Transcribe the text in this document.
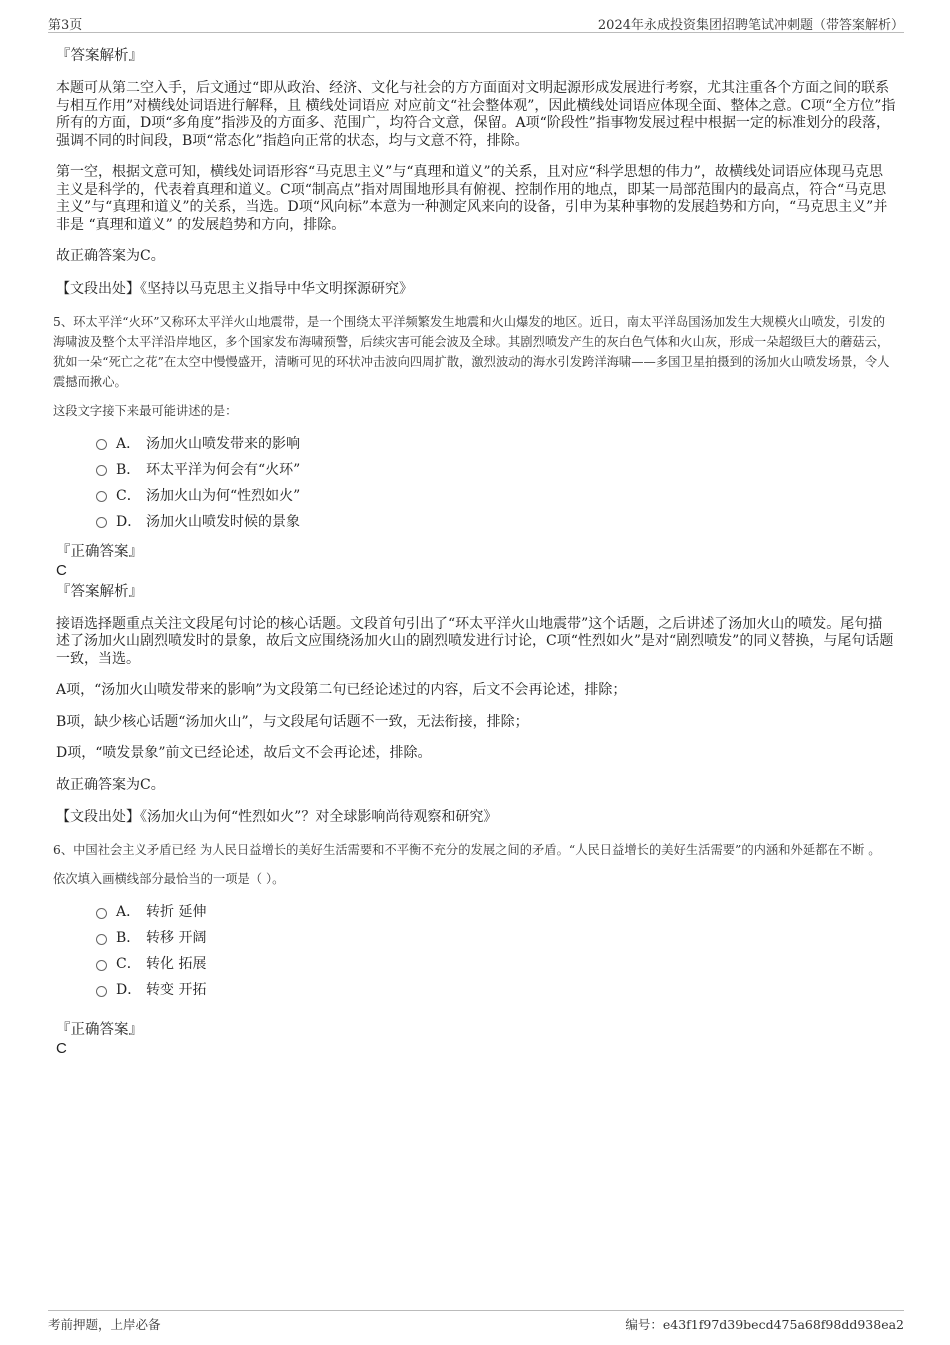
第3页	2024年永成投资集团招聘笔试冲刺题（带答案解析）

『答案解析』

本题可从第二空入手，后文通过“即从政治、经济、文化与社会的方方面面对文明起源形成发展进行考察，尤其注重各个方面之间的联系与相互作用”对横线处词语进行解释，且 横线处词语应 对应前文“社会整体观”，因此横线处词语应体现全面、整体之意。C项“全方位”指所有的方面，D项“多角度”指涉及的方面多、范围广，均符合文意，保留。A项“阶段性”指事物发展过程中根据一定的标准划分的段落，强调不同的时间段，B项“常态化”指趋向正常的状态，均与文意不符，排除。

第一空，根据文意可知，横线处词语形容“马克思主义”与“真理和道义”的关系，且对应“科学思想的伟力”，故横线处词语应体现马克思主义是科学的，代表着真理和道义。C项“制高点”指对周围地形具有俯视、控制作用的地点，即某一局部范围内的最高点，符合“马克思主义”与“真理和道义”的关系，当选。D项“风向标”本意为一种测定风来向的设备，引申为某种事物的发展趋势和方向，“马克思主义”并非是 “真理和道义” 的发展趋势和方向，排除。

故正确答案为C。

【文段出处】《坚持以马克思主义指导中华文明探源研究》

5、环太平洋“火环”又称环太平洋火山地震带，是一个围绕太平洋频繁发生地震和火山爆发的地区。近日，南太平洋岛国汤加发生大规模火山喷发，引发的海啸波及整个太平洋沿岸地区，多个国家发布海啸预警，后续灾害可能会波及全球。其剧烈喷发产生的灰白色气体和火山灰，形成一朵超级巨大的蘑菇云，犹如一朵“死亡之花”在太空中慢慢盛开，清晰可见的环状冲击波向四周扩散，激烈波动的海水引发跨洋海啸——多国卫星拍摄到的汤加火山喷发场景，令人震撼而揪心。

这段文字接下来最可能讲述的是：

A． 汤加火山喷发带来的影响
B． 环太平洋为何会有“火环”
C． 汤加火山为何“性烈如火”
D． 汤加火山喷发时候的景象

『正确答案』

C

『答案解析』

接语选择题重点关注文段尾句讨论的核心话题。文段首句引出了“环太平洋火山地震带”这个话题，之后讲述了汤加火山的喷发。尾句描述了汤加火山剧烈喷发时的景象，故后文应围绕汤加火山的剧烈喷发进行讨论，C项“性烈如火”是对“剧烈喷发”的同义替换，与尾句话题一致，当选。

A项，“汤加火山喷发带来的影响”为文段第二句已经论述过的内容，后文不会再论述，排除；

B项，缺少核心话题“汤加火山”，与文段尾句话题不一致，无法衔接，排除；

D项，“喷发景象”前文已经论述，故后文不会再论述，排除。

故正确答案为C。

【文段出处】《汤加火山为何“性烈如火”？对全球影响尚待观察和研究》

6、中国社会主义矛盾已经 为人民日益增长的美好生活需要和不平衡不充分的发展之间的矛盾。“人民日益增长的美好生活需要”的内涵和外延都在不断 。

依次填入画横线部分最恰当的一项是（ ）。

A． 转折 延伸
B． 转移 开阔
C． 转化 拓展
D． 转变 开拓

『正确答案』

C

考前押题，上岸必备	编号：e43f1f97d39becd475a68f98dd938ea2
